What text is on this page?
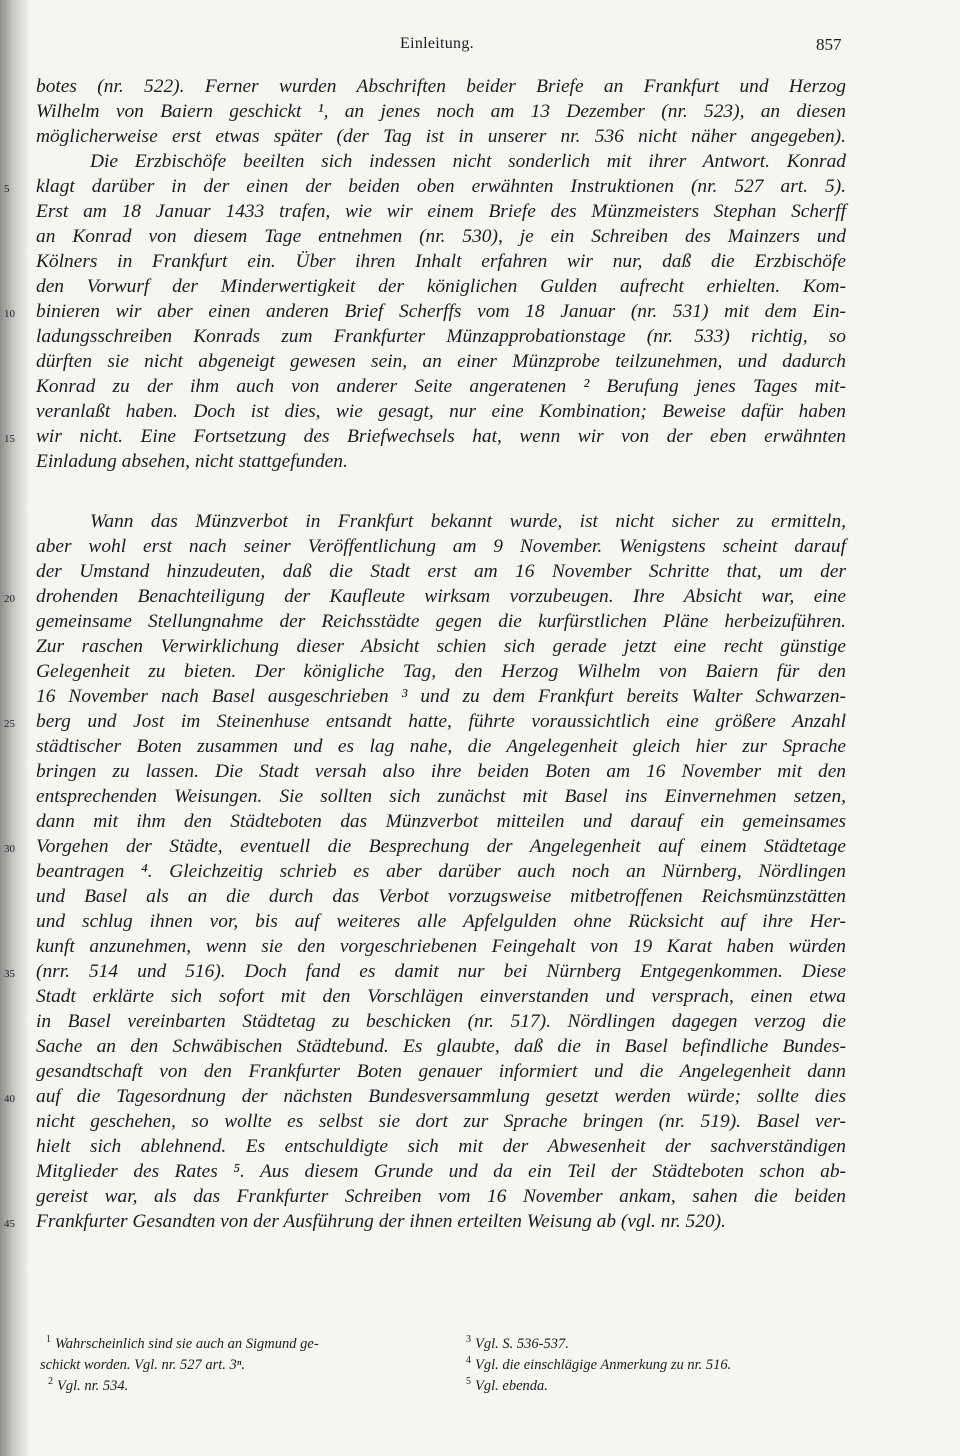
Einleitung.	857
botes (nr. 522). Ferner wurden Abschriften beider Briefe an Frankfurt und Herzog
Wilhelm von Baiern geschickt ¹, an jenes noch am 13 Dezember (nr. 523), an diesen
möglicherweise erst etwas später (der Tag ist in unserer nr. 536 nicht näher angegeben).
Die Erzbischöfe beeilten sich indessen nicht sonderlich mit ihrer Antwort. Konrad
klagt darüber in der einen der beiden oben erwähnten Instruktionen (nr. 527 art. 5).
Erst am 18 Januar 1433 trafen, wie wir einem Briefe des Münzmeisters Stephan Scherff
an Konrad von diesem Tage entnehmen (nr. 530), je ein Schreiben des Mainzers und
Kölners in Frankfurt ein. Über ihren Inhalt erfahren wir nur, daß die Erzbischöfe
den Vorwurf der Minderwertigkeit der königlichen Gulden aufrecht erhielten. Kom-
binieren wir aber einen anderen Brief Scherffs vom 18 Januar (nr. 531) mit dem Ein-
ladungsschreiben Konrads zum Frankfurter Münzapprobationstage (nr. 533) richtig, so
dürften sie nicht abgeneigt gewesen sein, an einer Münzprobe teilzunehmen, und dadurch
Konrad zu der ihm auch von anderer Seite angeratenen ² Berufung jenes Tages mit-
veranlaßt haben. Doch ist dies, wie gesagt, nur eine Kombination; Beweise dafür haben
wir nicht. Eine Fortsetzung des Briefwechsels hat, wenn wir von der eben erwähnten
Einladung absehen, nicht stattgefunden.
Wann das Münzverbot in Frankfurt bekannt wurde, ist nicht sicher zu ermitteln,
aber wohl erst nach seiner Veröffentlichung am 9 November. Wenigstens scheint darauf
der Umstand hinzudeuten, daß die Stadt erst am 16 November Schritte that, um der
drohenden Benachteiligung der Kaufleute wirksam vorzubeugen. Ihre Absicht war, eine
gemeinsame Stellungnahme der Reichsstädte gegen die kurfürstlichen Pläne herbeizuführen.
Zur raschen Verwirklichung dieser Absicht schien sich gerade jetzt eine recht günstige
Gelegenheit zu bieten. Der königliche Tag, den Herzog Wilhelm von Baiern für den
16 November nach Basel ausgeschrieben ³ und zu dem Frankfurt bereits Walter Schwarzen-
berg und Jost im Steinenhuse entsandt hatte, führte voraussichtlich eine größere Anzahl
städtischer Boten zusammen und es lag nahe, die Angelegenheit gleich hier zur Sprache
bringen zu lassen. Die Stadt versah also ihre beiden Boten am 16 November mit den
entsprechenden Weisungen. Sie sollten sich zunächst mit Basel ins Einvernehmen setzen,
dann mit ihm den Städteboten das Münzverbot mitteilen und darauf ein gemeinsames
Vorgehen der Städte, eventuell die Besprechung der Angelegenheit auf einem Städtetage
beantragen ⁴. Gleichzeitig schrieb es aber darüber auch noch an Nürnberg, Nördlingen
und Basel als an die durch das Verbot vorzugsweise mitbetroffenen Reichsmünzstätten
und schlug ihnen vor, bis auf weiteres alle Apfelgulden ohne Rücksicht auf ihre Her-
kunft anzunehmen, wenn sie den vorgeschriebenen Feingehalt von 19 Karat haben würden
(nrr. 514 und 516). Doch fand es damit nur bei Nürnberg Entgegenkommen. Diese
Stadt erklärte sich sofort mit den Vorschlägen einverstanden und versprach, einen etwa
in Basel vereinbarten Städtetag zu beschicken (nr. 517). Nördlingen dagegen verzog die
Sache an den Schwäbischen Städtebund. Es glaubte, daß die in Basel befindliche Bundes-
gesandtschaft von den Frankfurter Boten genauer informiert und die Angelegenheit dann
auf die Tagesordnung der nächsten Bundesversammlung gesetzt werden würde; sollte dies
nicht geschehen, so wollte es selbst sie dort zur Sprache bringen (nr. 519). Basel ver-
hielt sich ablehnend. Es entschuldigte sich mit der Abwesenheit der sachverständigen
Mitglieder des Rates ⁵. Aus diesem Grunde und da ein Teil der Städteboten schon ab-
gereist war, als das Frankfurter Schreiben vom 16 November ankam, sahen die beiden
Frankfurter Gesandten von der Ausführung der ihnen erteilten Weisung ab (vgl. nr. 520).
5
10
15
20
25
30
35
40
45
$^1$ Wahrscheinlich sind sie auch an Sigmund ge-
schickt worden. Vgl. nr. 527 art. 3ⁿ.
$^2$ Vgl. nr. 534.
$^3$ Vgl. S. 536-537.
$^4$ Vgl. die einschlägige Anmerkung zu nr. 516.
$^5$ Vgl. ebenda.
